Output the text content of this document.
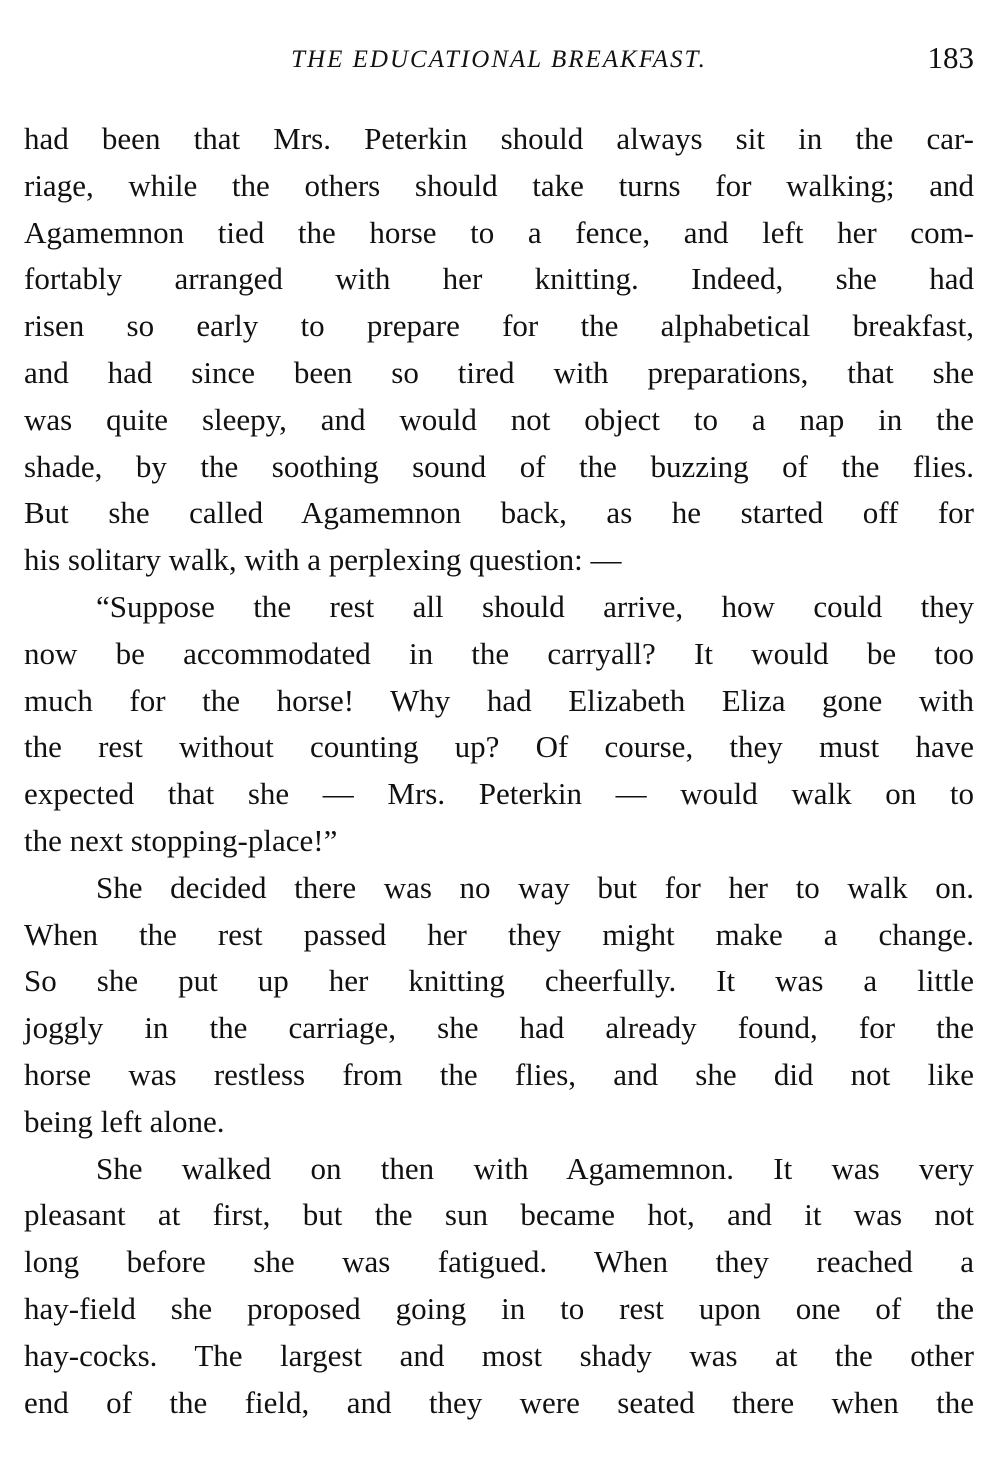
THE EDUCATIONAL BREAKFAST.	183
had been that Mrs. Peterkin should always sit in the car-
riage, while the others should take turns for walking; and
Agamemnon tied the horse to a fence, and left her com-
fortably arranged with her knitting. Indeed, she had
risen so early to prepare for the alphabetical breakfast,
and had since been so tired with preparations, that she
was quite sleepy, and would not object to a nap in the
shade, by the soothing sound of the buzzing of the flies.
But she called Agamemnon back, as he started off for
his solitary walk, with a perplexing question: —
“Suppose the rest all should arrive, how could they
now be accommodated in the carryall? It would be too
much for the horse! Why had Elizabeth Eliza gone with
the rest without counting up? Of course, they must have
expected that she — Mrs. Peterkin — would walk on to
the next stopping-place!”
She decided there was no way but for her to walk on.
When the rest passed her they might make a change.
So she put up her knitting cheerfully. It was a little
joggly in the carriage, she had already found, for the
horse was restless from the flies, and she did not like
being left alone.
She walked on then with Agamemnon. It was very
pleasant at first, but the sun became hot, and it was not
long before she was fatigued. When they reached a
hay-field she proposed going in to rest upon one of the
hay-cocks. The largest and most shady was at the other
end of the field, and they were seated there when the
